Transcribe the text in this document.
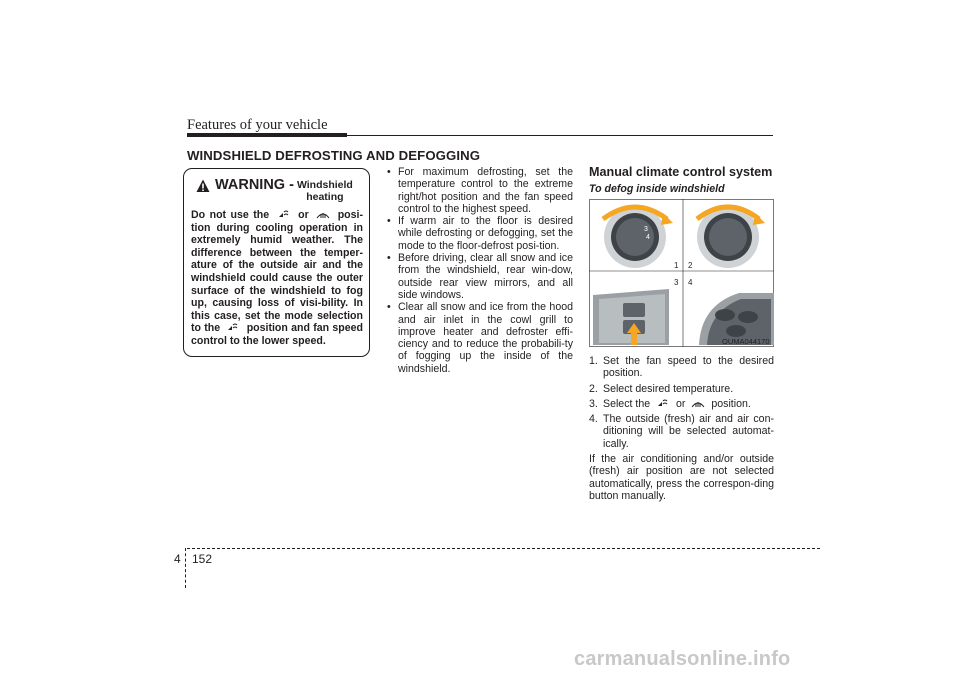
Features of your vehicle
WINDSHIELD DEFROSTING AND DEFOGGING
WARNING - Windshield
heating
Do not use the	or	posi-tion during cooling operation in extremely humid weather. The difference between the temper-ature of the outside air and the windshield could cause the outer surface of the windshield to fog up, causing loss of visi-bility. In this case, set the mode selection to the	position and fan speed control to the lower speed.
• For maximum defrosting, set the temperature control to the extreme right/hot position and the fan speed control to the highest speed.
• If warm air to the floor is desired while defrosting or defogging, set the mode to the floor-defrost posi-tion.
• Before driving, clear all snow and ice from the windshield, rear win-dow, outside rear view mirrors, and all side windows.
• Clear all snow and ice from the hood and air inlet in the cowl grill to improve heater and defroster effi-ciency and to reduce the probabili-ty of fogging up the inside of the windshield.
Manual climate control system
To defog inside windshield
3
4
1 2
3 4
OUMA044170
1. Set the fan speed to the desired position.
2. Select desired temperature.
3. Select the or position.
4. The outside (fresh) air and air con-ditioning will be selected automat-ically.
If the air conditioning and/or outside (fresh) air position are not selected automatically, press the correspon-ding button manually.
4 152
carmanualsonline.info
